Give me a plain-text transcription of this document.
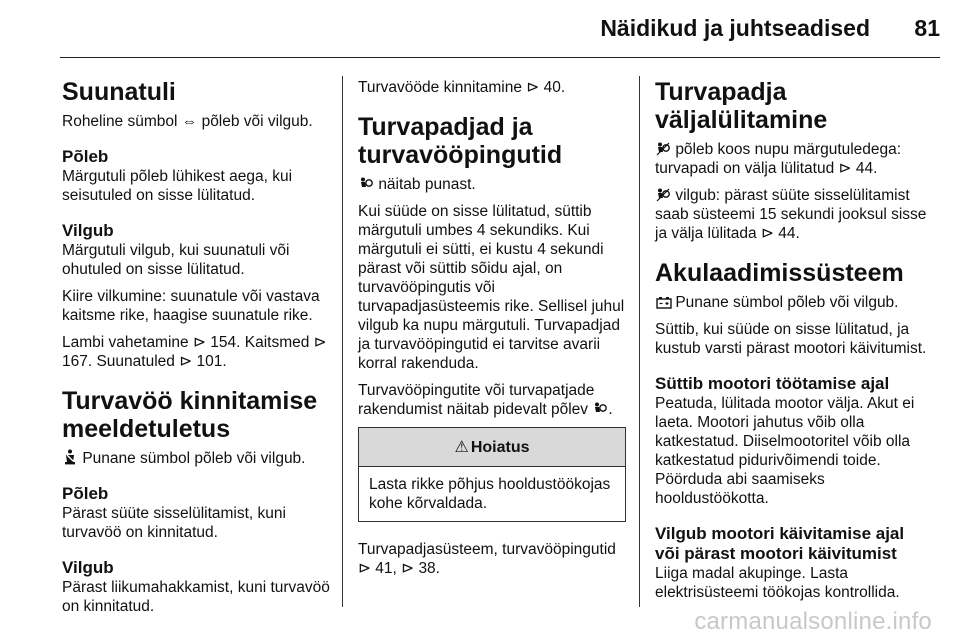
Näidikud ja juhtseadised 81
Suunatuli

Roheline sümbol ⇔ põleb või vilgub.

Põleb

Märgutuli põleb lühikest aega, kui seisutuled on sisse lülitatud.

Vilgub

Märgutuli vilgub, kui suunatuli või ohutuled on sisse lülitatud.

Kiire vilkumine: suunatule või vastava kaitsme rike, haagise suunatule rike.

Lambi vahetamine ⊳ 154. Kaitsmed ⊳ 167. Suunatuled ⊳ 101.

Turvavöö kinnitamise meeldetuletus

Punane sümbol põleb või vilgub.

Põleb

Pärast süüte sisselülitamist, kuni turvavöö on kinnitatud.

Vilgub

Pärast liikumahakkamist, kuni turvavöö on kinnitatud.

Turvavööde kinnitamine ⊳ 40.

Turvapadjad ja turvavööpingutid

näitab punast.

Kui süüde on sisse lülitatud, süttib märgutuli umbes 4 sekundiks. Kui märgutuli ei sütti, ei kustu 4 sekundi pärast või süttib sõidu ajal, on turvavööpingutis või turvapadjasüsteemis rike. Sellisel juhul vilgub ka nupu märgutuli. Turvapadjad ja turvavööpingutid ei tarvitse avarii korral rakenduda.

Turvavööpingutite või turvapatjade rakendumist näitab pidevalt põlev .

⚠ Hoiatus
Lasta rikke põhjus hooldustöökojas kohe kõrvaldada.

Turvapadjasüsteem, turvavööpingutid ⊳ 41, ⊳ 38.

Turvapadja väljalülitamine

põleb koos nupu märgutuledega: turvapadi on välja lülitatud ⊳ 44.

vilgub: pärast süüte sisselülitamist saab süsteemi 15 sekundi jooksul sisse ja välja lülitada ⊳ 44.

Akulaadimissüsteem

Punane sümbol põleb või vilgub.

Süttib, kui süüde on sisse lülitatud, ja kustub varsti pärast mootori käivitumist.

Süttib mootori töötamise ajal

Peatuda, lülitada mootor välja. Akut ei laeta. Mootori jahutus võib olla katkestatud. Diiselmootoritel võib olla katkestatud pidurivõimendi toide. Pöörduda abi saamiseks hooldustöökotta.

Vilgub mootori käivitamise ajal või pärast mootori käivitumist

Liiga madal akupinge. Lasta elektrisüsteemi töökojas kontrollida.

carmanualsonline.info
